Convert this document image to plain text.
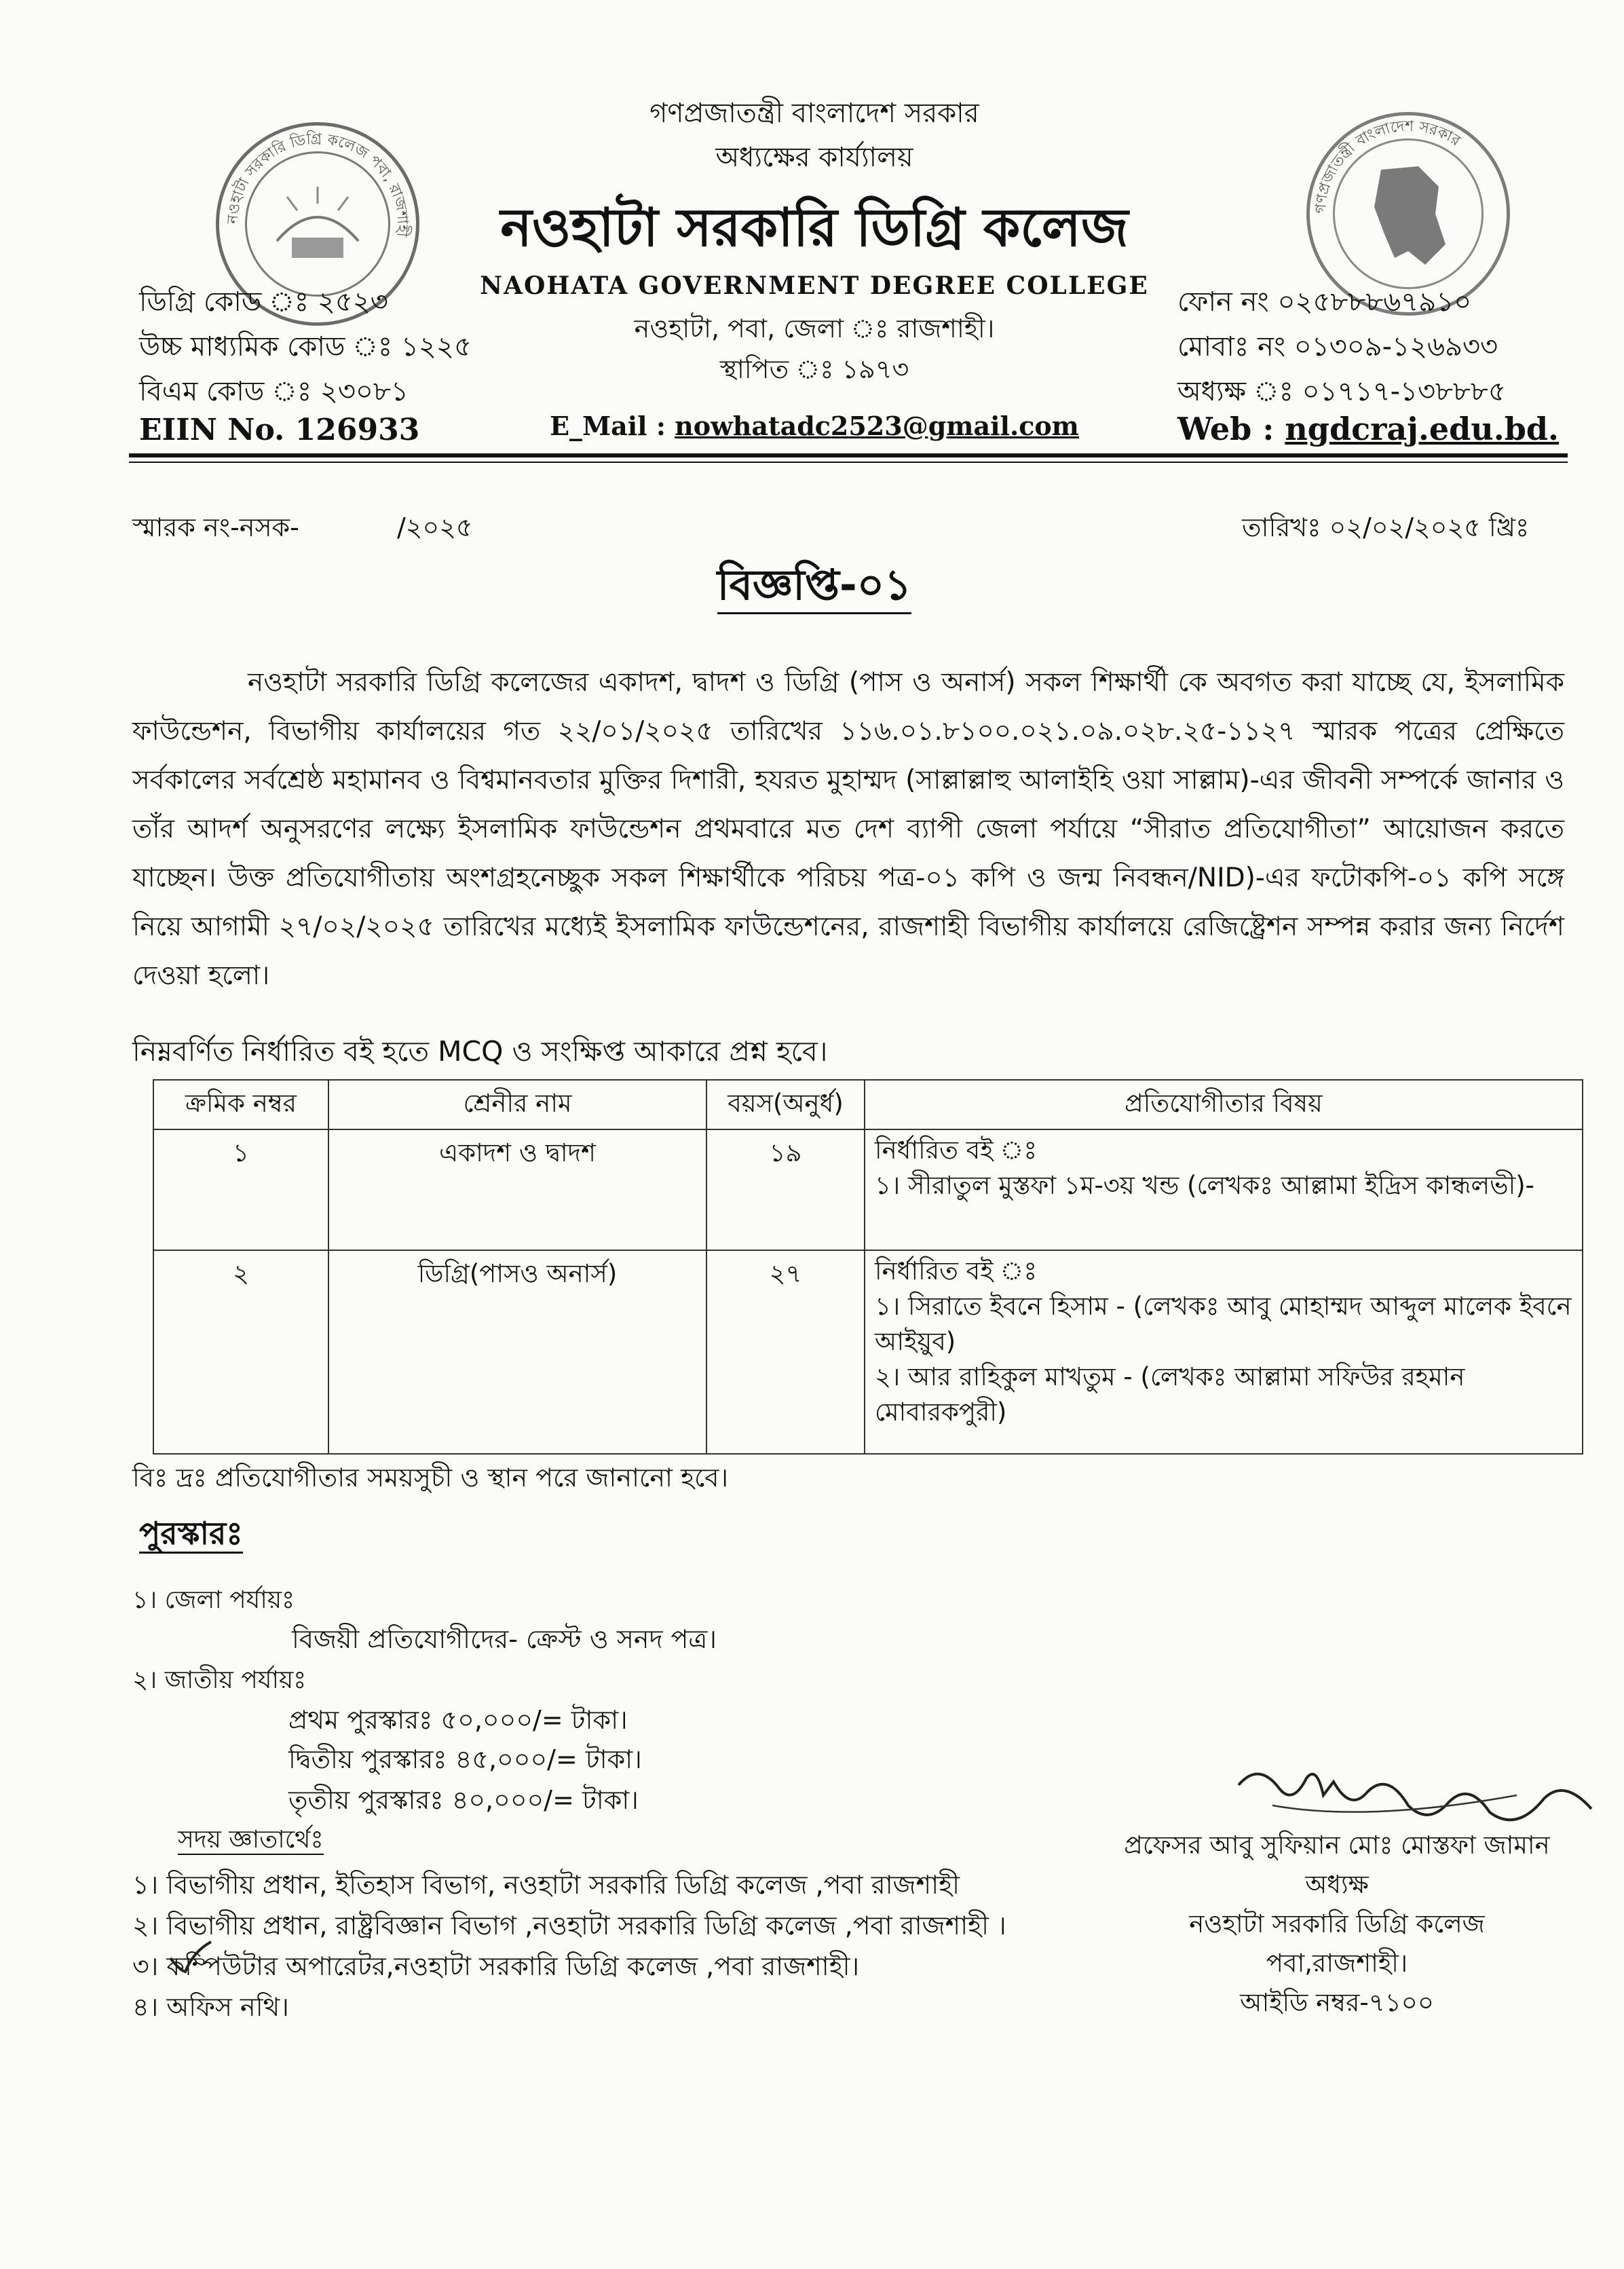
নওহাটা সরকারি ডিগ্রি কলেজ পবা, রাজশাহী
গণপ্রজাতন্ত্রী বাংলাদেশ সরকার
গণপ্রজাতন্ত্রী বাংলাদেশ সরকার
অধ্যক্ষের কার্য্যালয়
নওহাটা সরকারি ডিগ্রি কলেজ
NAOHATA GOVERNMENT DEGREE COLLEGE
নওহাটা, পবা, জেলা ঃ রাজশাহী।
স্থাপিত ঃ ১৯৭৩
E_Mail : nowhatadc2523@gmail.com
ডিগ্রি কোড ঃ ২৫২৩
উচ্চ মাধ্যমিক কোড ঃ ১২২৫
বিএম কোড ঃ ২৩০৮১
EIIN No. 126933
ফোন নং ০২৫৮৮৮৬৭৯১০
মোবাঃ নং ০১৩০৯-১২৬৯৩৩
অধ্যক্ষ ঃ ০১৭১৭-১৩৮৮৮৫
Web : ngdcraj.edu.bd.
স্মারক নং-নসক-	/২০২৫	তারিখঃ ০২/০২/২০২৫ খ্রিঃ
বিজ্ঞপ্তি-০১
নওহাটা সরকারি ডিগ্রি কলেজের একাদশ, দ্বাদশ ও ডিগ্রি (পাস ও অনার্স) সকল শিক্ষার্থী কে অবগত করা যাচ্ছে যে, ইসলামিক ফাউন্ডেশন, বিভাগীয় কার্যালয়ের গত ২২/০১/২০২৫ তারিখের ১১৬.০১.৮১০০.০২১.০৯.০২৮.২৫-১১২৭ স্মারক পত্রের প্রেক্ষিতে সর্বকালের সর্বশ্রেষ্ঠ মহামানব ও বিশ্বমানবতার মুক্তির দিশারী, হযরত মুহাম্মদ (সাল্লাল্লাহু আলাইহি ওয়া সাল্লাম)-এর জীবনী সম্পর্কে জানার ও তাঁর আদর্শ অনুসরণের লক্ষ্যে ইসলামিক ফাউন্ডেশন প্রথমবারে মত দেশ ব্যাপী জেলা পর্যায়ে “সীরাত প্রতিযোগীতা” আয়োজন করতে যাচ্ছেন। উক্ত প্রতিযোগীতায় অংশগ্রহনেচ্ছুক সকল শিক্ষার্থীকে পরিচয় পত্র-০১ কপি ও জন্ম নিবন্ধন/NID)-এর ফটোকপি-০১ কপি সঙ্গে নিয়ে আগামী ২৭/০২/২০২৫ তারিখের মধ্যেই ইসলামিক ফাউন্ডেশনের, রাজশাহী বিভাগীয় কার্যালয়ে রেজিষ্ট্রেশন সম্পন্ন করার জন্য নির্দেশ দেওয়া হলো।
নিম্নবর্ণিত নির্ধারিত বই হতে MCQ ও সংক্ষিপ্ত আকারে প্রশ্ন হবে।
ক্রমিক নম্বর	শ্রেনীর নাম	বয়স(অনুর্ধ)	প্রতিযোগীতার বিষয়
১	একাদশ ও দ্বাদশ	১৯	নির্ধারিত বই ঃ
১। সীরাতুল মুস্তফা ১ম-৩য় খন্ড (লেখকঃ আল্লামা ইদ্রিস কান্ধলভী)-

২	ডিগ্রি(পাসও অনার্স)	২৭	নির্ধারিত বই ঃ
১। সিরাতে ইবনে হিসাম - (লেখকঃ আবু মোহাম্মদ আব্দুল মালেক ইবনে আইয়ুব)
২। আর রাহিকুল মাখতুম - (লেখকঃ আল্লামা সফিউর রহমান মোবারকপুরী)
বিঃ দ্রঃ প্রতিযোগীতার সময়সুচী ও স্থান পরে জানানো হবে।
পুরস্কারঃ
১। জেলা পর্যায়ঃ
বিজয়ী প্রতিযোগীদের- ক্রেস্ট ও সনদ পত্র।
২। জাতীয় পর্যায়ঃ
প্রথম পুরস্কারঃ ৫০,০০০/= টাকা।
দ্বিতীয় পুরস্কারঃ ৪৫,০০০/= টাকা।
তৃতীয় পুরস্কারঃ ৪০,০০০/= টাকা।
সদয় জ্ঞাতার্থেঃ
১। বিভাগীয় প্রধান, ইতিহাস বিভাগ, নওহাটা সরকারি ডিগ্রি কলেজ ,পবা রাজশাহী
২। বিভাগীয় প্রধান, রাষ্ট্রবিজ্ঞান বিভাগ ,নওহাটা সরকারি ডিগ্রি কলেজ ,পবা রাজশাহী ।
৩। কম্পিউটার অপারেটর,নওহাটা সরকারি ডিগ্রি কলেজ ,পবা রাজশাহী।
৪। অফিস নথি।
প্রফেসর আবু সুফিয়ান মোঃ মোস্তফা জামান
অধ্যক্ষ
নওহাটা সরকারি ডিগ্রি কলেজ
পবা,রাজশাহী।
আইডি নম্বর-৭১০০
